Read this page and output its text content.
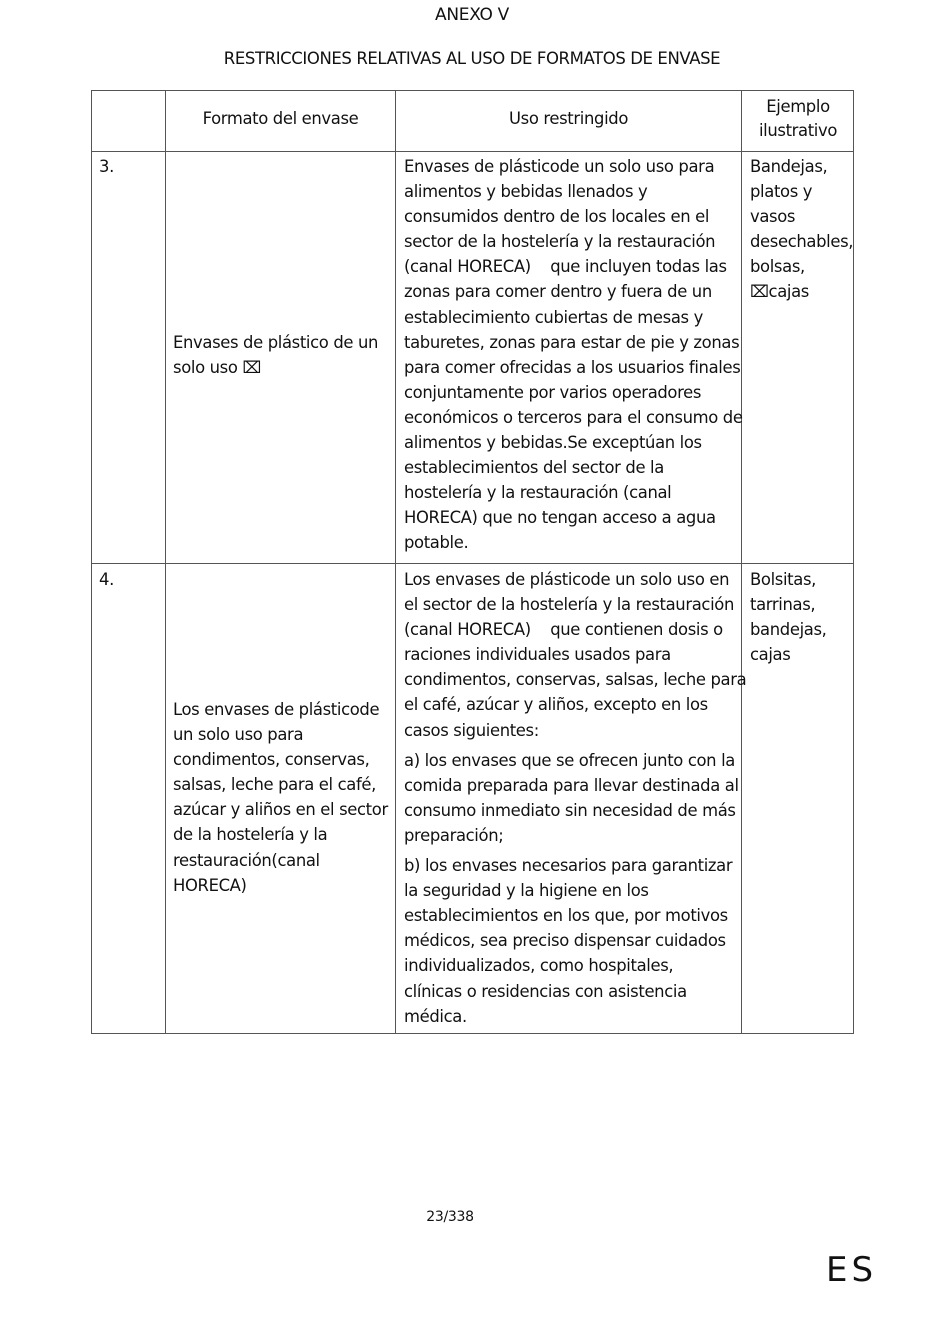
ANEXO V
RESTRICCIONES RELATIVAS AL USO DE FORMATOS DE ENVASE
Formato del envase	Uso restringido
Ejemplo
ilustrativo
3.
Envases de plástico de un
solo uso ⌧
Envases de plásticode un solo uso para
alimentos y bebidas llenados y
consumidos dentro de los locales en el
sector de la hostelería y la restauración
(canal HORECA)    que incluyen todas las
zonas para comer dentro y fuera de un
establecimiento cubiertas de mesas y
taburetes, zonas para estar de pie y zonas
para comer ofrecidas a los usuarios finales
conjuntamente por varios operadores
económicos o terceros para el consumo de
alimentos y bebidas.Se exceptúan los
establecimientos del sector de la
hostelería y la restauración (canal
HORECA) que no tengan acceso a agua
potable.
Bandejas,
platos y
vasos
desechables,
bolsas,
⌧cajas
4.
Los envases de plásticode
un solo uso para
condimentos, conservas,
salsas, leche para el café,
azúcar y aliños en el sector
de la hostelería y la
restauración(canal
HORECA)
Los envases de plásticode un solo uso en
el sector de la hostelería y la restauración
(canal HORECA)    que contienen dosis o
raciones individuales usados para
condimentos, conservas, salsas, leche para
el café, azúcar y aliños, excepto en los
casos siguientes:
a) los envases que se ofrecen junto con la
comida preparada para llevar destinada al
consumo inmediato sin necesidad de más
preparación;
b) los envases necesarios para garantizar
la seguridad y la higiene en los
establecimientos en los que, por motivos
médicos, sea preciso dispensar cuidados
individualizados, como hospitales,
clínicas o residencias con asistencia
médica.
Bolsitas,
tarrinas,
bandejas,
cajas
23/338
ES
